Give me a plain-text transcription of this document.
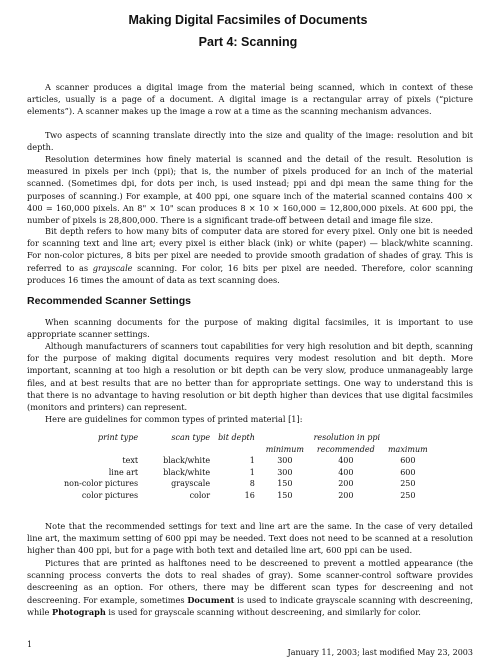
Making Digital Facsimiles of Documents
Part 4: Scanning

A scanner produces a digital image from the material being scanned, which in context of these articles, usually is a page of a document. A digital image is a rectangular array of pixels (“picture elements”). A scanner makes up the image a row at a time as the scanning mechanism advances.

Two aspects of scanning translate directly into the size and quality of the image: resolution and bit depth.

Resolution determines how finely material is scanned and the detail of the result. Resolution is measured in pixels per inch (ppi); that is, the number of pixels produced for an inch of the material scanned. (Sometimes dpi, for dots per inch, is used instead; ppi and dpi mean the same thing for the purposes of scanning.) For example, at 400 ppi, one square inch of the material scanned contains 400 × 400 = 160,000 pixels. An 8" × 10" scan produces 8 × 10 × 160,000 = 12,800,000 pixels. At 600 ppi, the number of pixels is 28,800,000. There is a significant trade-off between detail and image file size.

Bit depth refers to how many bits of computer data are stored for every pixel. Only one bit is needed for scanning text and line art; every pixel is either black (ink) or white (paper) — black/white scanning. For non-color pictures, 8 bits per pixel are needed to provide smooth gradation of shades of gray. This is referred to as grayscale scanning. For color, 16 bits per pixel are needed. Therefore, color scanning produces 16 times the amount of data as text scanning does.

Recommended Scanner Settings

When scanning documents for the purpose of making digital facsimiles, it is important to use appropriate scanner settings.

Although manufacturers of scanners tout capabilities for very high resolution and bit depth, scanning for the purpose of making digital documents requires very modest resolution and bit depth. More important, scanning at too high a resolution or bit depth can be very slow, produce unmanageably large files, and at best results that are no better than for appropriate settings. One way to understand this is that there is no advantage to having resolution or bit depth higher than devices that use digital facsimiles (monitors and printers) can represent.

Here are guidelines for common types of printed material [1]:

print type	scan type	bit depth	resolution in ppi		
			minimum	recommended	maximum
text	black/white	1	300	400	600
line art	black/white	1	300	400	600
non-color pictures	grayscale	8	150	200	250
color pictures	color	16	150	200	250

Note that the recommended settings for text and line art are the same. In the case of very detailed line art, the maximum setting of 600 ppi may be needed. Text does not need to be scanned at a resolution higher than 400 ppi, but for a page with both text and detailed line art, 600 ppi can be used.

Pictures that are printed as halftones need to be descreened to prevent a mottled appearance (the scanning process converts the dots to real shades of gray). Some scanner-control software provides descreening as an option. For others, there may be different scan types for descreening and not descreening. For example, sometimes Document is used to indicate grayscale scanning with descreening, while Photograph is used for grayscale scanning without descreening, and similarly for color.

1
January 11, 2003; last modified May 23, 2003
